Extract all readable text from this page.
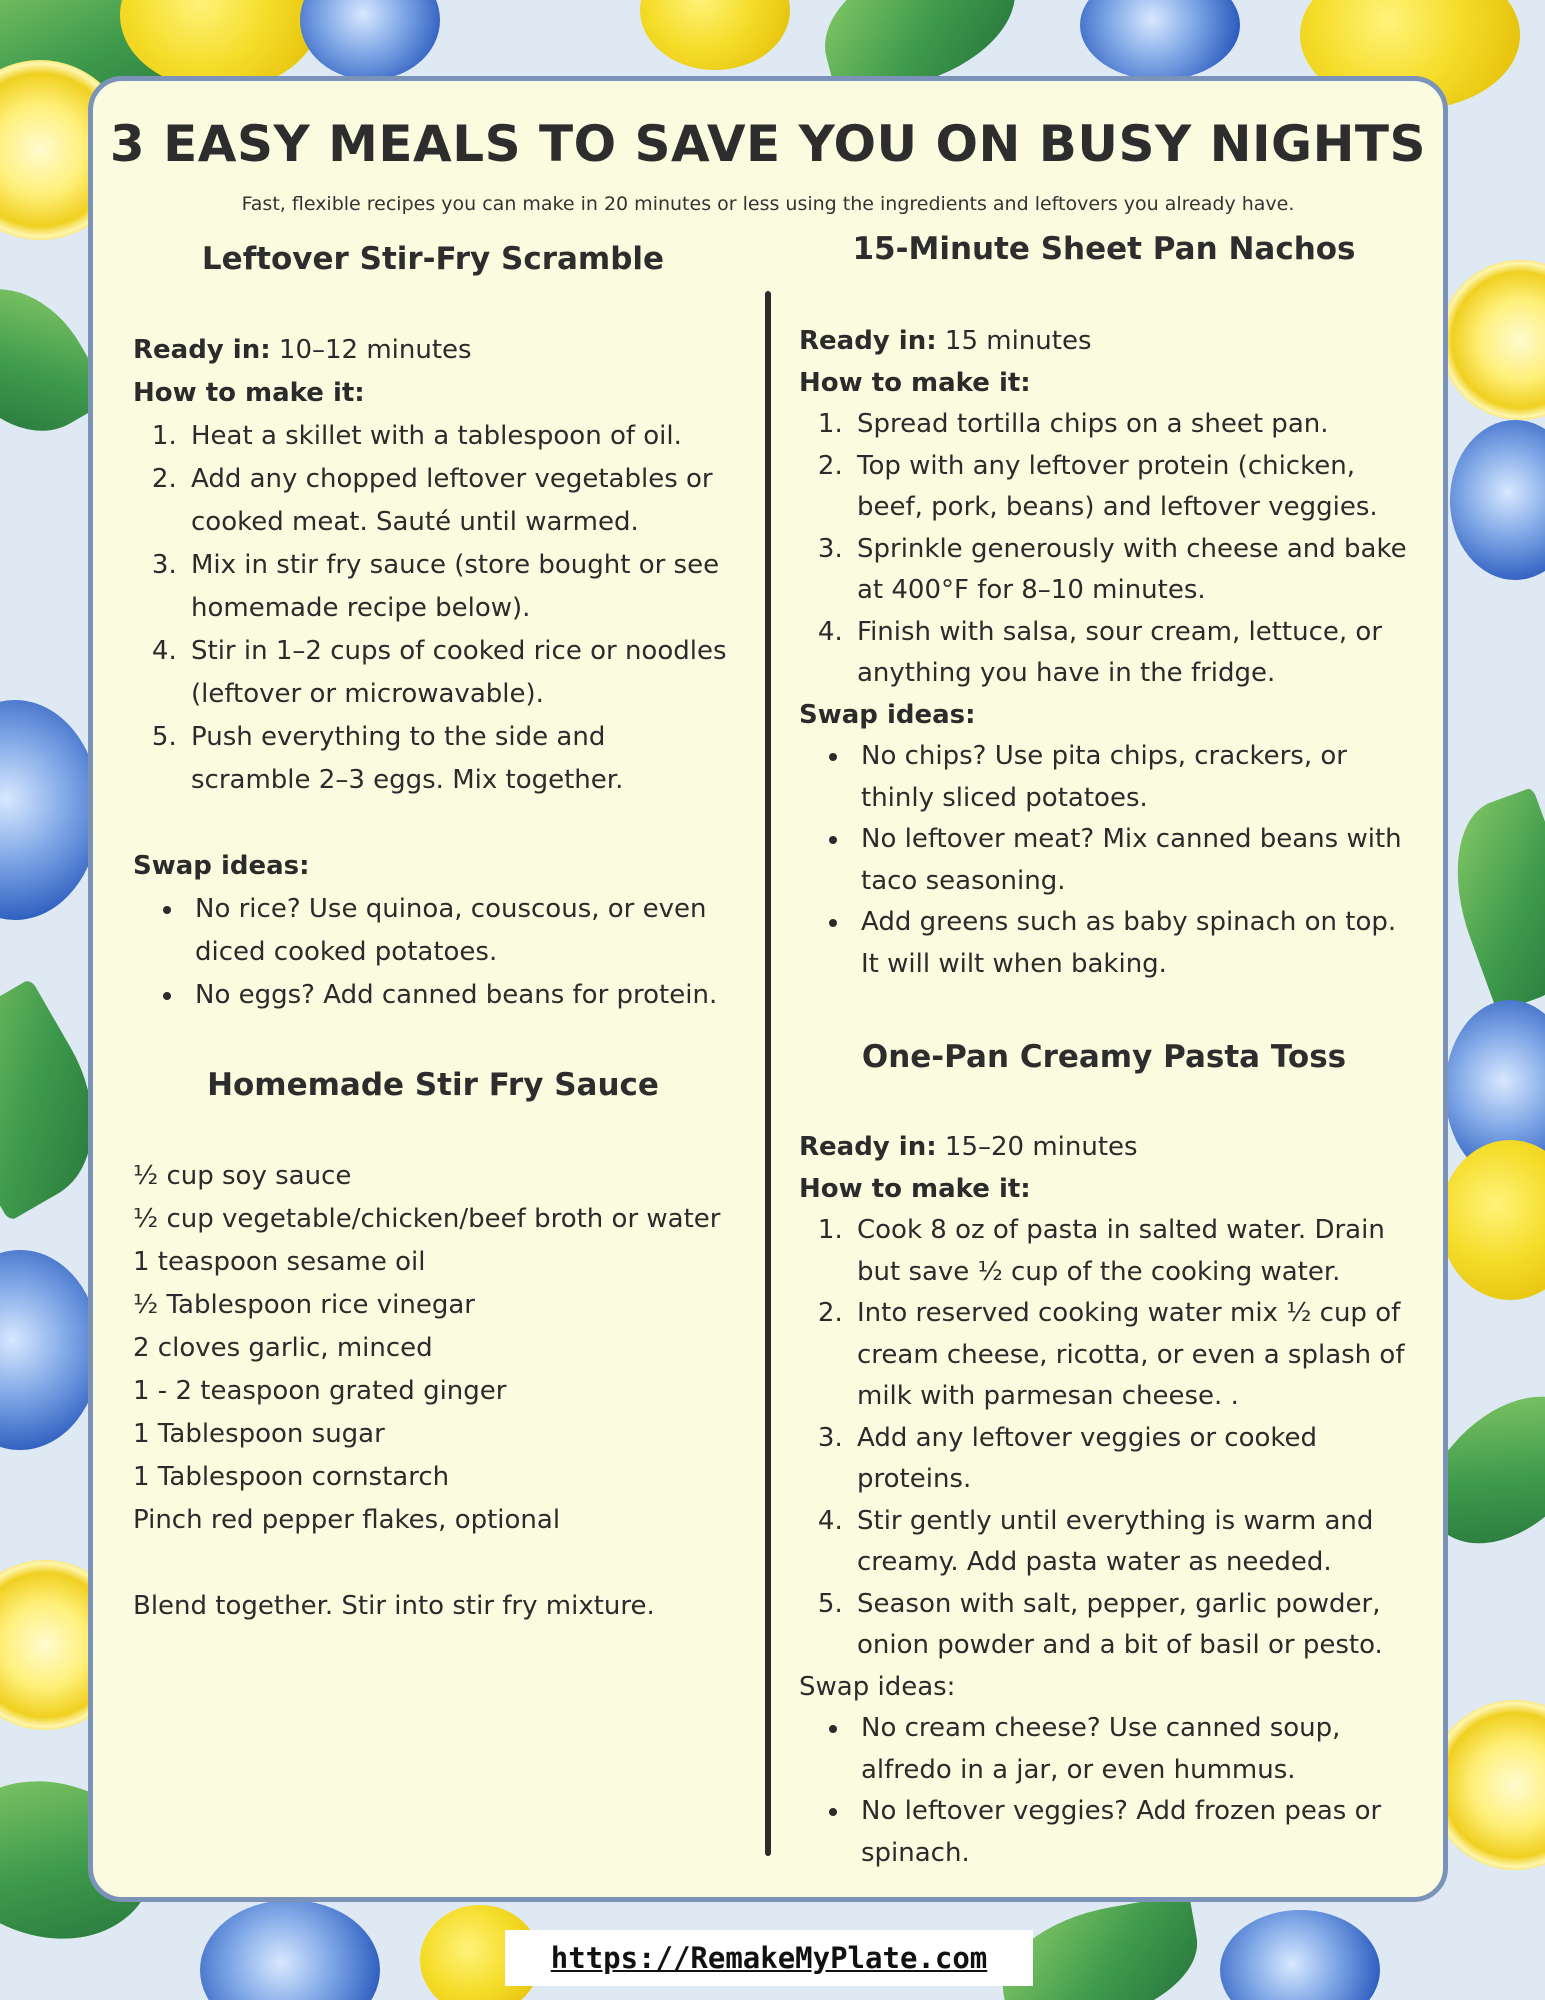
3 EASY MEALS TO SAVE YOU ON BUSY NIGHTS

Fast, flexible recipes you can make in 20 minutes or less using the ingredients and leftovers you already have.

Leftover Stir-Fry Scramble

Ready in: 10–12 minutes

How to make it:

1. Heat a skillet with a tablespoon of oil.
2. Add any chopped leftover vegetables or cooked meat. Sauté until warmed.
3. Mix in stir fry sauce (store bought or see homemade recipe below).
4. Stir in 1–2 cups of cooked rice or noodles (leftover or microwavable).
5. Push everything to the side and scramble 2–3 eggs. Mix together.

Swap ideas:

• No rice? Use quinoa, couscous, or even diced cooked potatoes.
• No eggs? Add canned beans for protein.
Homemade Stir Fry Sauce
½ cup soy sauce
½ cup vegetable/chicken/beef broth or water
1 teaspoon sesame oil
½ Tablespoon rice vinegar
2 cloves garlic, minced
1 - 2 teaspoon grated ginger
1 Tablespoon sugar
1 Tablespoon cornstarch
Pinch red pepper flakes, optional

Blend together. Stir into stir fry mixture.

15-Minute Sheet Pan Nachos

Ready in: 15 minutes

How to make it:

1. Spread tortilla chips on a sheet pan.
2. Top with any leftover protein (chicken, beef, pork, beans) and leftover veggies.
3. Sprinkle generously with cheese and bake at 400°F for 8–10 minutes.
4. Finish with salsa, sour cream, lettuce, or anything you have in the fridge.

Swap ideas:

• No chips? Use pita chips, crackers, or thinly sliced potatoes.
• No leftover meat? Mix canned beans with taco seasoning.
• Add greens such as baby spinach on top. It will wilt when baking.
One-Pan Creamy Pasta Toss

Ready in: 15–20 minutes

How to make it:

1. Cook 8 oz of pasta in salted water. Drain but save ½ cup of the cooking water.
2. Into reserved cooking water mix ½ cup of cream cheese, ricotta, or even a splash of milk with parmesan cheese. .
3. Add any leftover veggies or cooked proteins.
4. Stir gently until everything is warm and creamy. Add pasta water as needed.
5. Season with salt, pepper, garlic powder, onion powder and a bit of basil or pesto.

Swap ideas:

• No cream cheese? Use canned soup, alfredo in a jar, or even hummus.
• No leftover veggies? Add frozen peas or spinach.
https://RemakeMyPlate.com
